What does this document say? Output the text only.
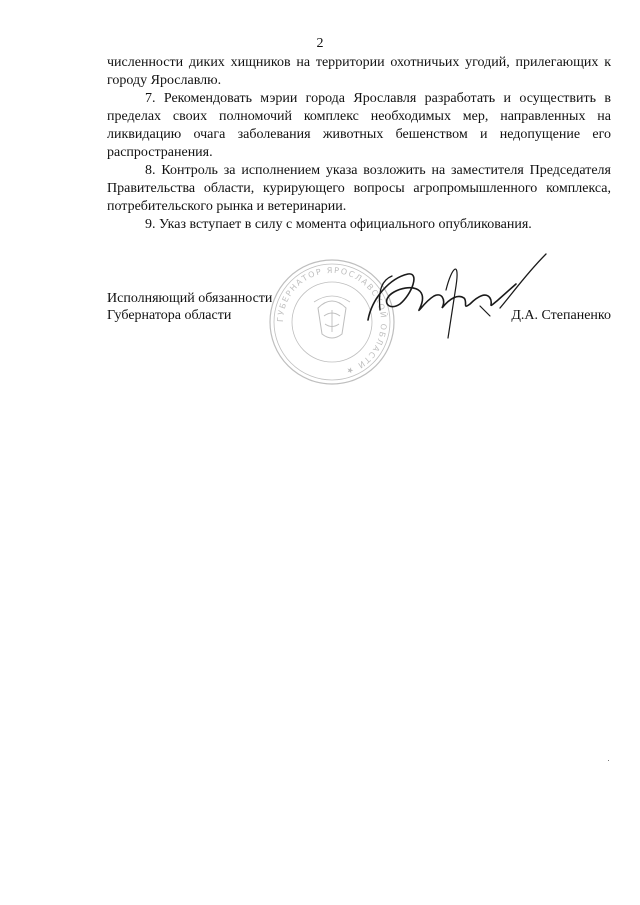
2

численности диких хищников на территории охотничьих угодий, прилегающих к городу Ярославлю.

7. Рекомендовать мэрии города Ярославля разработать и осуществить в пределах своих полномочий комплекс необходимых мер, направленных на ликвидацию очага заболевания животных бешенством и недопущение его распространения.

8. Контроль за исполнением указа возложить на заместителя Председателя Правительства области, курирующего вопросы агропромышленного комплекса, потребительского рынка и ветеринарии.

9. Указ вступает в силу с момента официального опубликования.

ГУБЕРНАТОР ЯРОСЛАВСКОЙ ОБЛАСТИ ★
Исполняющий обязанности
Губернатора области	Д.А. Степаненко
